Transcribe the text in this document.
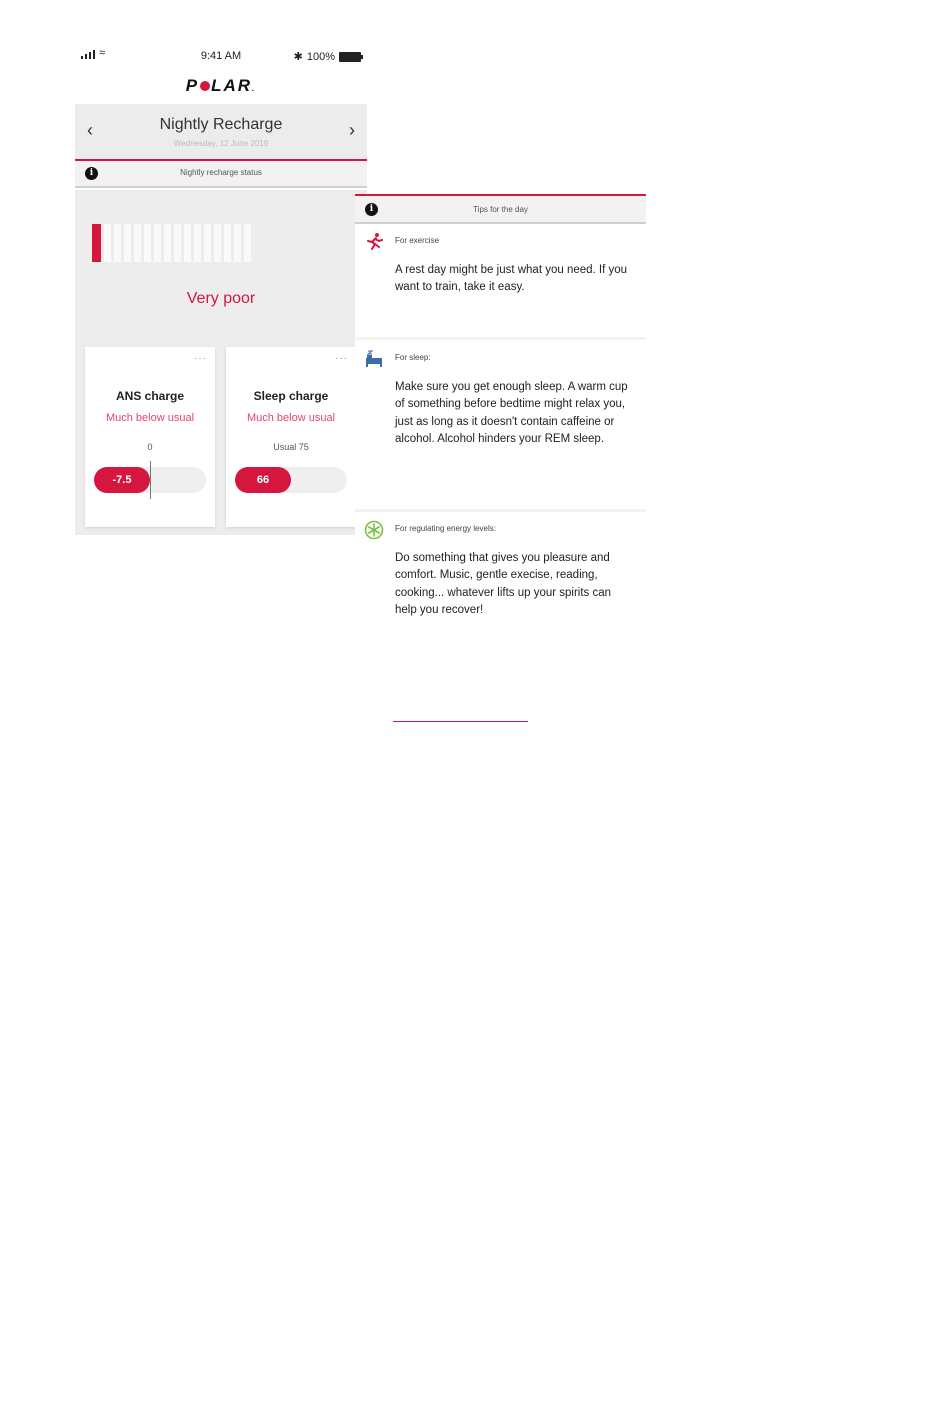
≈	9:41 AM	✱ 100%
P LAR.
‹	Nightly Recharge
Wednesday, 12 June 2019
›
i	Nightly recharge status
Very poor
···
ANS charge
Much below usual
0
-7.5
···
Sleep charge
Much below usual
Usual 75
66
i	Tips for the day
For exercise
A rest day might be just what you need. If you want to train, take it easy.
For sleep:
Make sure you get enough sleep. A warm cup of something before bedtime might relax you, just as long as it doesn't contain caffeine or alcohol. Alcohol hinders your REM sleep.
For regulating energy levels:
Do something that gives you pleasure and comfort. Music, gentle execise, reading, cooking... whatever lifts up your spirits can help you recover!
